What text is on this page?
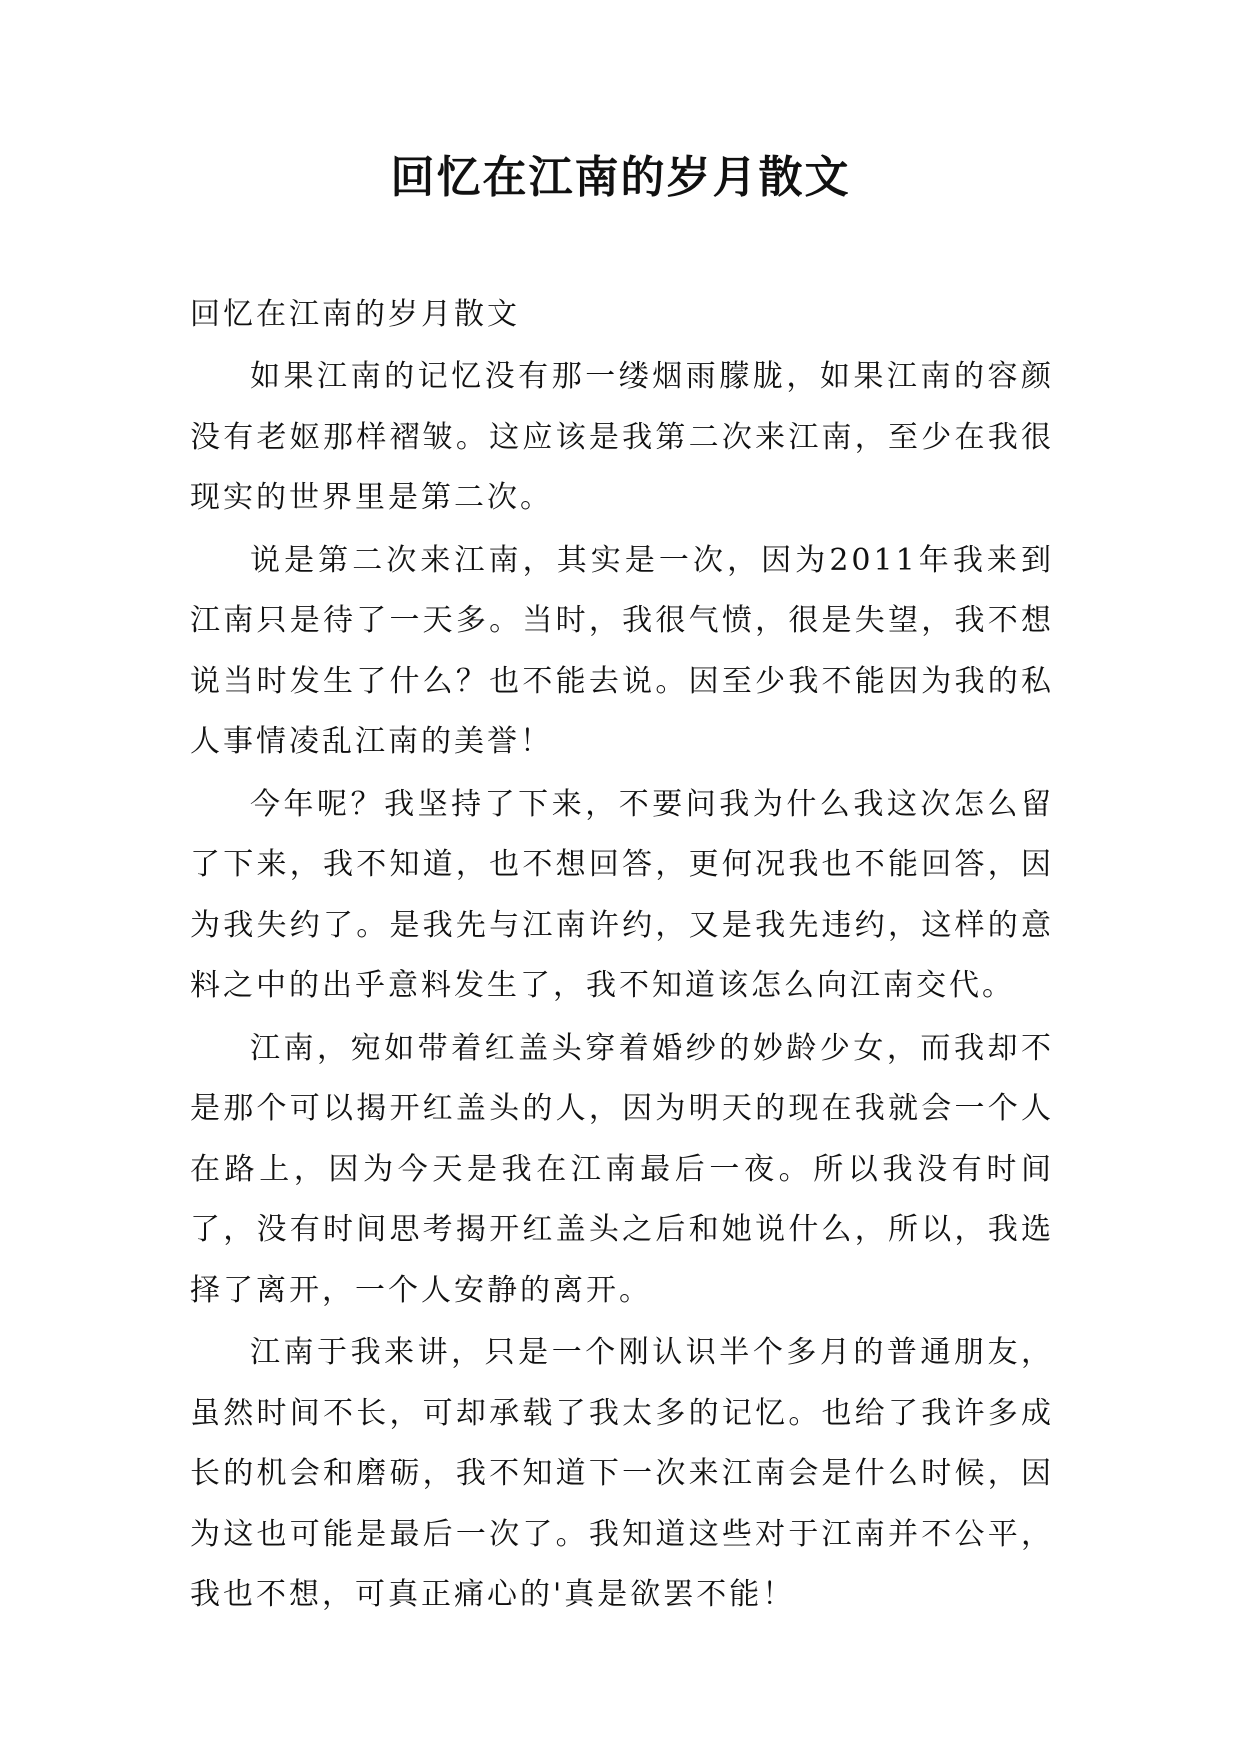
回忆在江南的岁月散文

回忆在江南的岁月散文

如果江南的记忆没有那一缕烟雨朦胧，如果江南的容颜没有老妪那样褶皱。这应该是我第二次来江南，至少在我很现实的世界里是第二次。

说是第二次来江南，其实是一次，因为2011年我来到江南只是待了一天多。当时，我很气愤，很是失望，我不想说当时发生了什么？也不能去说。因至少我不能因为我的私人事情凌乱江南的美誉！

今年呢？我坚持了下来，不要问我为什么我这次怎么留了下来，我不知道，也不想回答，更何况我也不能回答，因为我失约了。是我先与江南许约，又是我先违约，这样的意料之中的出乎意料发生了，我不知道该怎么向江南交代。

江南，宛如带着红盖头穿着婚纱的妙龄少女，而我却不是那个可以揭开红盖头的人，因为明天的现在我就会一个人在路上，因为今天是我在江南最后一夜。所以我没有时间了，没有时间思考揭开红盖头之后和她说什么，所以，我选择了离开，一个人安静的离开。

江南于我来讲，只是一个刚认识半个多月的普通朋友，虽然时间不长，可却承载了我太多的记忆。也给了我许多成长的机会和磨砺，我不知道下一次来江南会是什么时候，因为这也可能是最后一次了。我知道这些对于江南并不公平，我也不想，可真正痛心的'真是欲罢不能！
